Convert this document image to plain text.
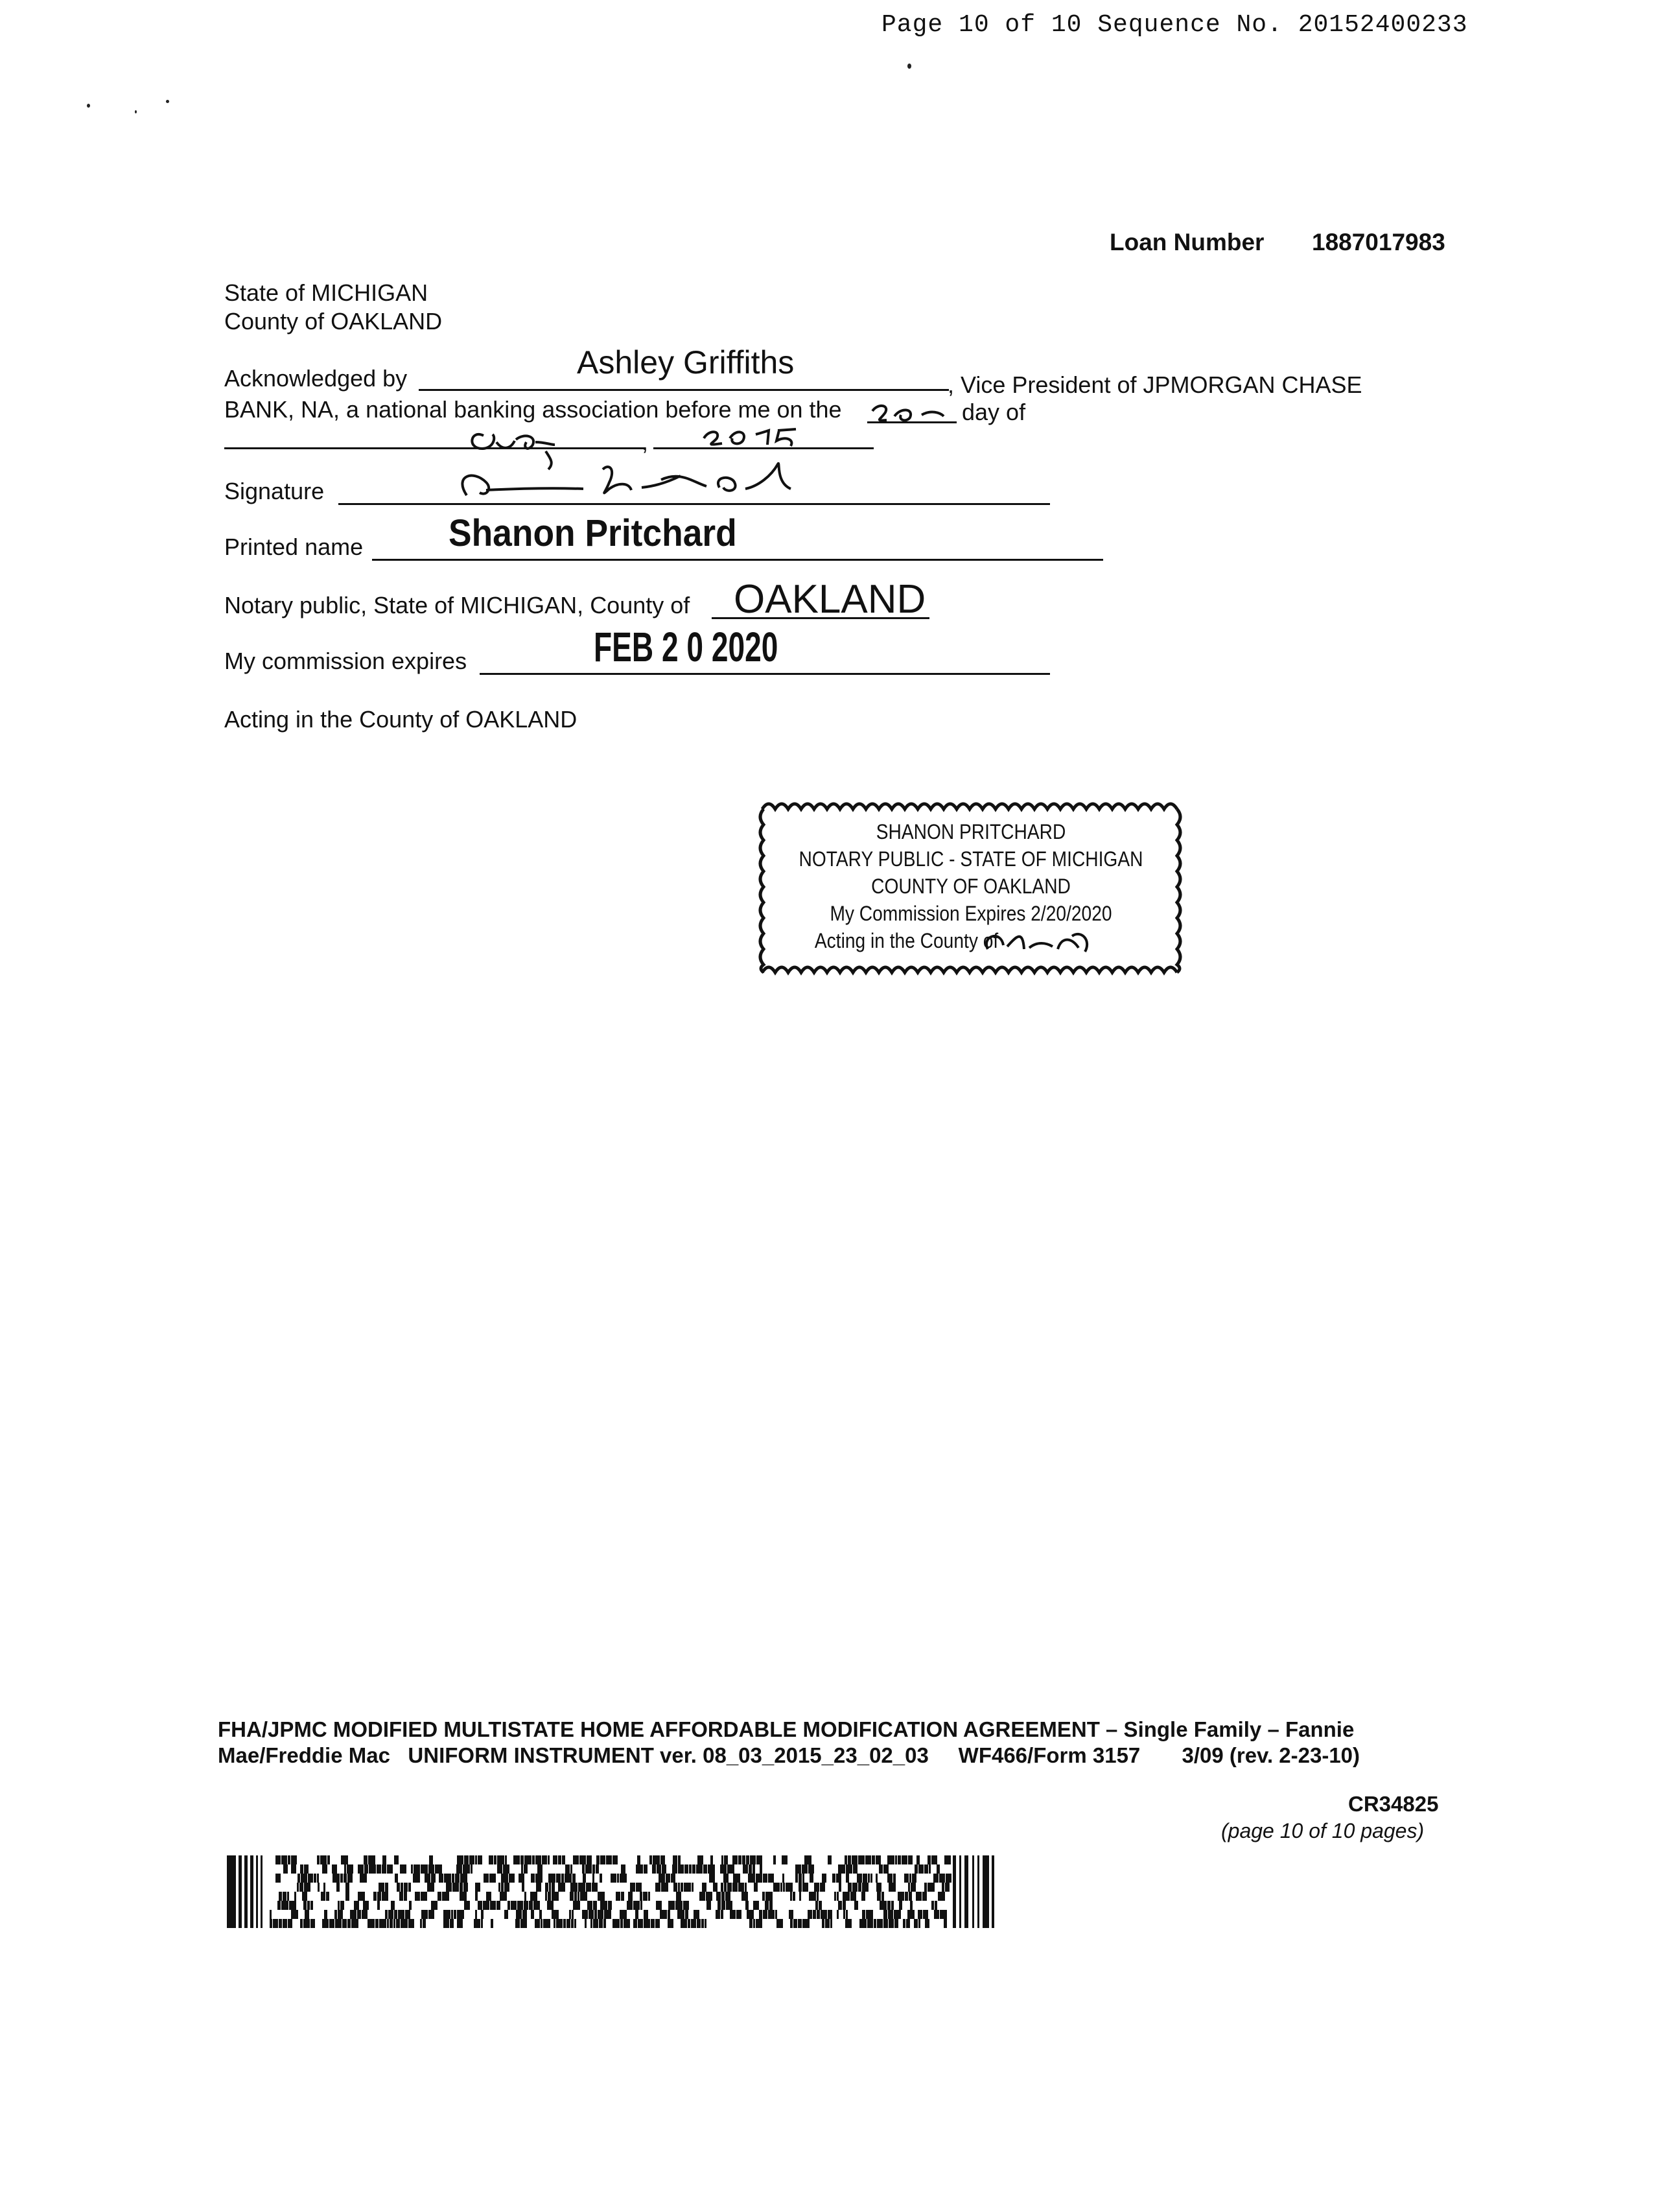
Page 10 of 10 Sequence No. 20152400233
Loan Number 1887017983
State of MICHIGAN
County of OAKLAND
Acknowledged by	Ashley Griffiths
, Vice President of JPMORGAN CHASE
BANK, NA, a national banking association before me on the	day of
,
Signature
Printed name Shanon Pritchard
Notary public, State of MICHIGAN, County of OAKLAND
My commission expires	FEB 2 0 2020
Acting in the County of OAKLAND
SHANON PRITCHARD
NOTARY PUBLIC - STATE OF MICHIGAN
COUNTY OF OAKLAND
My Commission Expires 2/20/2020
Acting in the County of
FHA/JPMC MODIFIED MULTISTATE HOME AFFORDABLE MODIFICATION AGREEMENT – Single Family – Fannie
Mae/Freddie Mac   UNIFORM INSTRUMENT ver. 08_03_2015_23_02_03     WF466/Form 3157       3/09 (rev. 2-23-10)
CR34825
(page 10 of 10 pages)
